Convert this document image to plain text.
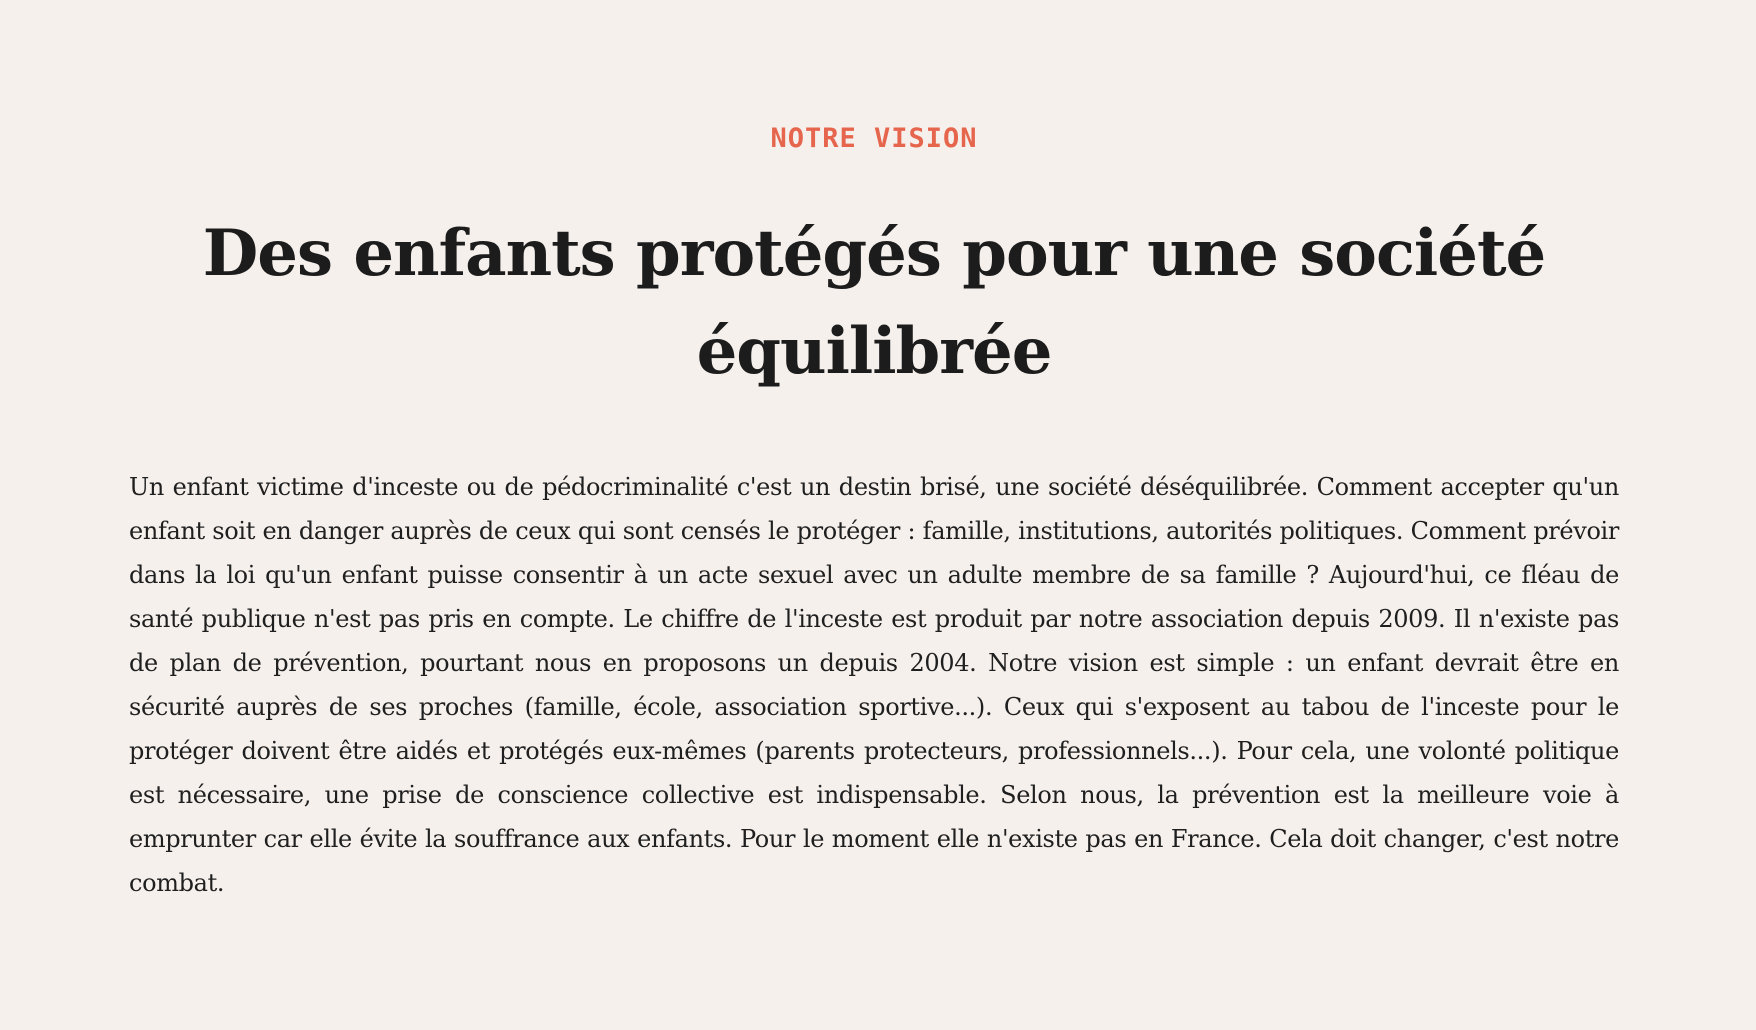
NOTRE VISION
Des enfants protégés pour une société équilibrée

Un enfant victime d'inceste ou de pédocriminalité c'est un destin brisé, une société déséquilibrée. Comment accepter qu'un enfant soit en danger auprès de ceux qui sont censés le protéger : famille, institutions, autorités politiques. Comment prévoir dans la loi qu'un enfant puisse consentir à un acte sexuel avec un adulte membre de sa famille ? Aujourd'hui, ce fléau de santé publique n'est pas pris en compte. Le chiffre de l'inceste est produit par notre association depuis 2009. Il n'existe pas de plan de prévention, pourtant nous en proposons un depuis 2004. Notre vision est simple : un enfant devrait être en sécurité auprès de ses proches (famille, école, association sportive...). Ceux qui s'exposent au tabou de l'inceste pour le protéger doivent être aidés et protégés eux-mêmes (parents protecteurs, professionnels...). Pour cela, une volonté politique est nécessaire, une prise de conscience collective est indispensable. Selon nous, la prévention est la meilleure voie à emprunter car elle évite la souffrance aux enfants. Pour le moment elle n'existe pas en France. Cela doit changer, c'est notre combat.
